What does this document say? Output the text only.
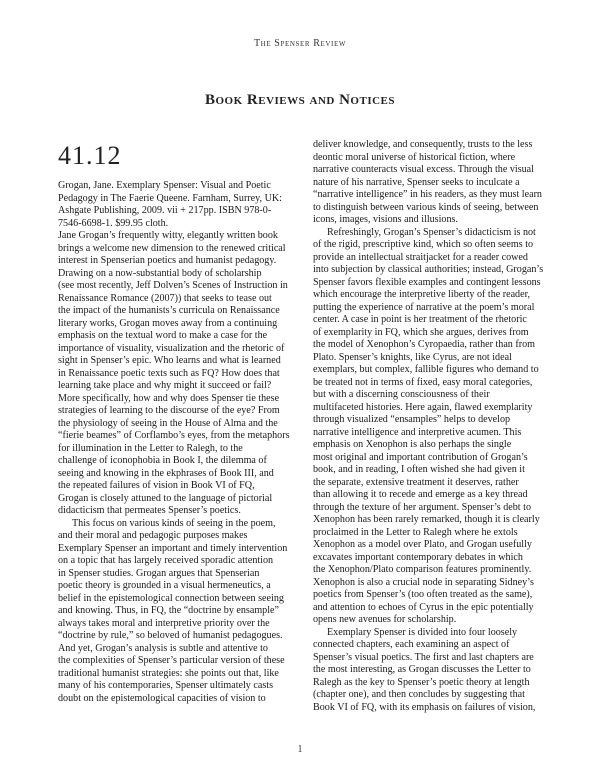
The Spenser Review
Book Reviews and Notices
41.12
Grogan, Jane. Exemplary Spenser: Visual and Poetic
Pedagogy in The Faerie Queene. Farnham, Surrey, UK:
Ashgate Publishing, 2009. vii + 217pp. ISBN 978-0-
7546-6698-1. $99.95 cloth.
Jane Grogan’s frequently witty, elegantly written book
brings a welcome new dimension to the renewed critical
interest in Spenserian poetics and humanist pedagogy.
Drawing on a now-substantial body of scholarship
(see most recently, Jeff Dolven’s Scenes of Instruction in
Renaissance Romance (2007)) that seeks to tease out
the impact of the humanists’s curricula on Renaissance
literary works, Grogan moves away from a continuing
emphasis on the textual word to make a case for the
importance of visuality, visualization and the rhetoric of
sight in Spenser’s epic. Who learns and what is learned
in Renaissance poetic texts such as FQ? How does that
learning take place and why might it succeed or fail?
More specifically, how and why does Spenser tie these
strategies of learning to the discourse of the eye? From
the physiology of seeing in the House of Alma and the
“fierie beames” of Corflambo’s eyes, from the metaphors
for illumination in the Letter to Ralegh, to the
challenge of iconophobia in Book I, the dilemma of
seeing and knowing in the ekphrases of Book III, and
the repeated failures of vision in Book VI of FQ,
Grogan is closely attuned to the language of pictorial
didacticism that permeates Spenser’s poetics.
This focus on various kinds of seeing in the poem,
and their moral and pedagogic purposes makes
Exemplary Spenser an important and timely intervention
on a topic that has largely received sporadic attention
in Spenser studies. Grogan argues that Spenserian
poetic theory is grounded in a visual hermeneutics, a
belief in the epistemological connection between seeing
and knowing. Thus, in FQ, the “doctrine by ensample”
always takes moral and interpretive priority over the
“doctrine by rule,” so beloved of humanist pedagogues.
And yet, Grogan’s analysis is subtle and attentive to
the complexities of Spenser’s particular version of these
traditional humanist strategies: she points out that, like
many of his contemporaries, Spenser ultimately casts
doubt on the epistemological capacities of vision to
deliver knowledge, and consequently, trusts to the less
deontic moral universe of historical fiction, where
narrative counteracts visual excess. Through the visual
nature of his narrative, Spenser seeks to inculcate a
“narrative intelligence” in his readers, as they must learn
to distinguish between various kinds of seeing, between
icons, images, visions and illusions.
Refreshingly, Grogan’s Spenser’s didacticism is not
of the rigid, prescriptive kind, which so often seems to
provide an intellectual straitjacket for a reader cowed
into subjection by classical authorities; instead, Grogan’s
Spenser favors flexible examples and contingent lessons
which encourage the interpretive liberty of the reader,
putting the experience of narrative at the poem’s moral
center. A case in point is her treatment of the rhetoric
of exemplarity in FQ, which she argues, derives from
the model of Xenophon’s Cyropaedia, rather than from
Plato. Spenser’s knights, like Cyrus, are not ideal
exemplars, but complex, fallible figures who demand to
be treated not in terms of fixed, easy moral categories,
but with a discerning consciousness of their
multifaceted histories. Here again, flawed exemplarity
through visualized “ensamples” helps to develop
narrative intelligence and interpretive acumen. This
emphasis on Xenophon is also perhaps the single
most original and important contribution of Grogan’s
book, and in reading, I often wished she had given it
the separate, extensive treatment it deserves, rather
than allowing it to recede and emerge as a key thread
through the texture of her argument. Spenser’s debt to
Xenophon has been rarely remarked, though it is clearly
proclaimed in the Letter to Ralegh where he extols
Xenophon as a model over Plato, and Grogan usefully
excavates important contemporary debates in which
the Xenophon/Plato comparison features prominently.
Xenophon is also a crucial node in separating Sidney’s
poetics from Spenser’s (too often treated as the same),
and attention to echoes of Cyrus in the epic potentially
opens new avenues for scholarship.
Exemplary Spenser is divided into four loosely
connected chapters, each examining an aspect of
Spenser’s visual poetics. The first and last chapters are
the most interesting, as Grogan discusses the Letter to
Ralegh as the key to Spenser’s poetic theory at length
(chapter one), and then concludes by suggesting that
Book VI of FQ, with its emphasis on failures of vision,
1
